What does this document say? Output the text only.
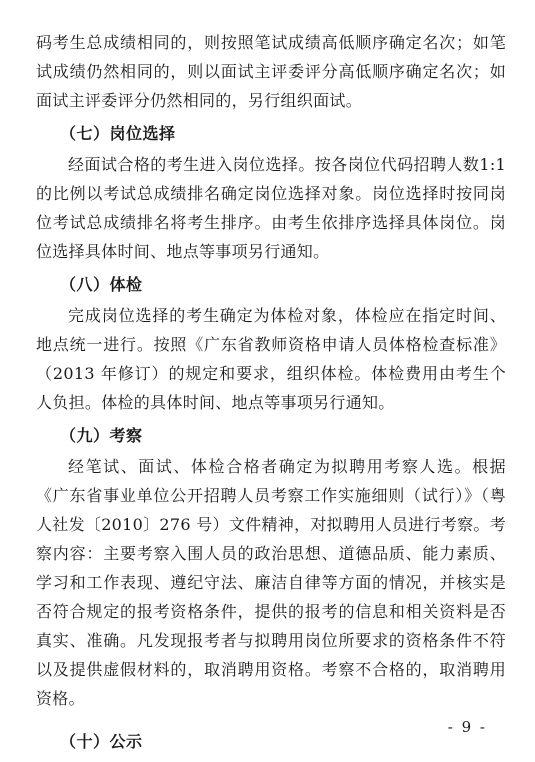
码考生总成绩相同的，则按照笔试成绩高低顺序确定名次；如笔试成绩仍然相同的，则以面试主评委评分高低顺序确定名次；如面试主评委评分仍然相同的，另行组织面试。

（七）岗位选择

经面试合格的考生进入岗位选择。按各岗位代码招聘人数1:1的比例以考试总成绩排名确定岗位选择对象。岗位选择时按同岗位考试总成绩排名将考生排序。由考生依排序选择具体岗位。岗位选择具体时间、地点等事项另行通知。

（八）体检

完成岗位选择的考生确定为体检对象，体检应在指定时间、地点统一进行。按照《广东省教师资格申请人员体格检查标准》（2013 年修订）的规定和要求，组织体检。体检费用由考生个人负担。体检的具体时间、地点等事项另行通知。

（九）考察

经笔试、面试、体检合格者确定为拟聘用考察人选。根据《广东省事业单位公开招聘人员考察工作实施细则（试行）》（粤人社发〔2010〕276 号）文件精神，对拟聘用人员进行考察。考察内容：主要考察入围人员的政治思想、道德品质、能力素质、学习和工作表现、遵纪守法、廉洁自律等方面的情况，并核实是否符合规定的报考资格条件，提供的报考的信息和相关资料是否真实、准确。凡发现报考者与拟聘用岗位所要求的资格条件不符以及提供虚假材料的，取消聘用资格。考察不合格的，取消聘用资格。

（十）公示
- 9 -
